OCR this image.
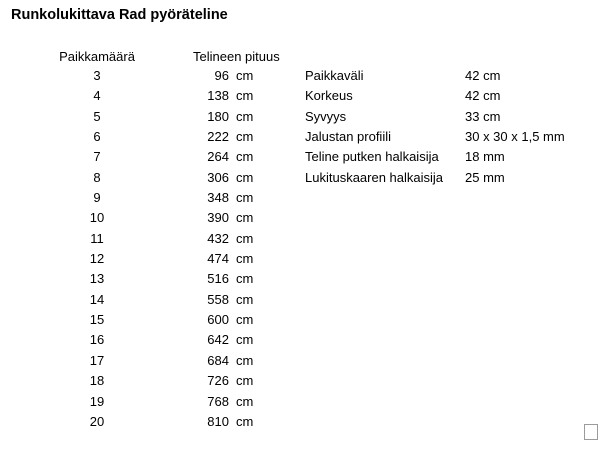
Runkolukittava Rad pyöräteline
Paikkamäärä	Telineen pituus
3	96 cm
4	138 cm
5	180 cm
6	222 cm
7	264 cm
8	306 cm
9	348 cm
10	390 cm
11	432 cm
12	474 cm
13	516 cm
14	558 cm
15	600 cm
16	642 cm
17	684 cm
18	726 cm
19	768 cm
20	810 cm
Paikkaväli	42 cm
Korkeus	42 cm
Syvyys	33 cm
Jalustan profiili	30 x 30 x 1,5 mm
Teline putken halkaisija	18 mm
Lukituskaaren halkaisija	25 mm
